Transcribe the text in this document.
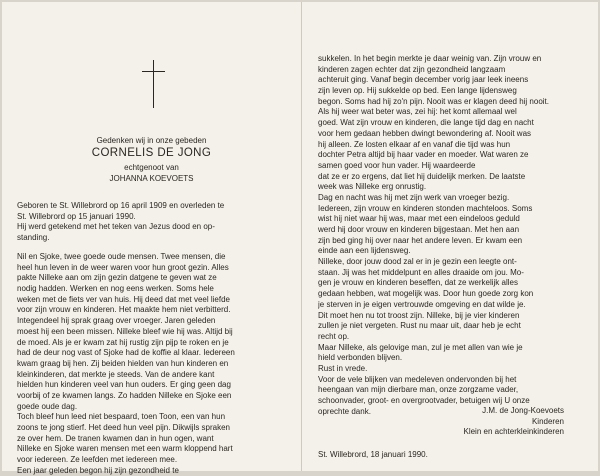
Gedenken wij in onze gebeden
CORNELIS DE JONG
echtgenoot van
JOHANNA KOEVOETS
Geboren te St. Willebrord op 16 april 1909 en overleden te
St. Willebrord op 15 januari 1990.
Hij werd getekend met het teken van Jezus dood en op-
standing.
Nil en Sjoke, twee goede oude mensen. Twee mensen, die
heel hun leven in de weer waren voor hun groot gezin. Alles
pakte Nilleke aan om zijn gezin datgene te geven wat ze
nodig hadden. Werken en nog eens werken. Soms hele
weken met de fiets ver van huis. Hij deed dat met veel liefde
voor zijn vrouw en kinderen. Het maakte hem niet verbitterd.
Integendeel hij sprak graag over vroeger. Jaren geleden
moest hij een been missen. Nilleke bleef wie hij was. Altijd bij
de moed. Als je er kwam zat hij rustig zijn pijp te roken en je
had de deur nog vast of Sjoke had de koffie al klaar. Iedereen
kwam graag bij hen. Zij beiden hielden van hun kinderen en
kleinkinderen, dat merkte je steeds. Van de andere kant
hielden hun kinderen veel van hun ouders. Er ging geen dag
voorbij of ze kwamen langs. Zo hadden Nilleke en Sjoke een
goede oude dag.
Toch bleef hun leed niet bespaard, toen Toon, een van hun
zoons te jong stierf. Het deed hun veel pijn. Dikwijls spraken
ze over hem. De tranen kwamen dan in hun ogen, want
Nilleke en Sjoke waren mensen met een warm kloppend hart
voor iedereen. Ze leefden met iedereen mee.
Een jaar geleden begon hij zijn gezondheid te
sukkelen. In het begin merkte je daar weinig van. Zijn vrouw en
kinderen zagen echter dat zijn gezondheid langzaam
achteruit ging. Vanaf begin december vorig jaar leek ineens
zijn leven op. Hij sukkelde op bed. Een lange lijdensweg
begon. Soms had hij zo'n pijn. Nooit was er klagen deed hij nooit.
Als hij weer wat beter was, zei hij: het komt allemaal wel
goed. Wat zijn vrouw en kinderen, die lange tijd dag en nacht
voor hem gedaan hebben dwingt bewondering af. Nooit was
hij alleen. Ze losten elkaar af en vanaf die tijd was hun
dochter Petra altijd bij haar vader en moeder. Wat waren ze
samen goed voor hun vader. Hij waardeerde
dat ze er zo ergens, dat liet hij duidelijk merken. De laatste
week was Nilleke erg onrustig.
Dag en nacht was hij met zijn werk van vroeger bezig.
Iedereen, zijn vrouw en kinderen stonden machteloos. Soms
wist hij niet waar hij was, maar met een eindeloos geduld
werd hij door vrouw en kinderen bijgestaan. Met hen aan
zijn bed ging hij over naar het andere leven. Er kwam een
einde aan een lijdensweg.
Nilleke, door jouw dood zal er in je gezin een leegte ont-
staan. Jij was het middelpunt en alles draaide om jou. Mo-
gen je vrouw en kinderen beseffen, dat ze werkelijk alles
gedaan hebben, wat mogelijk was. Door hun goede zorg kon
je sterven in je eigen vertrouwde omgeving en dat wilde je.
Dit moet hen nu tot troost zijn. Nilleke, bij je vier kinderen
zullen je niet vergeten. Rust nu maar uit, daar heb je echt
recht op.
Maar Nilleke, als gelovige man, zul je met allen van wie je
hield verbonden blijven.
Rust in vrede.
Voor de vele blijken van medeleven ondervonden bij het
heengaan van mijn dierbare man, onze zorgzame vader,
schoonvader, groot- en overgrootvader, betuigen wij U onze
oprechte dank.	J.M. de Jong-Koevoets
Kinderen
Klein en achterkleinkinderen
St. Willebrord, 18 januari 1990.
